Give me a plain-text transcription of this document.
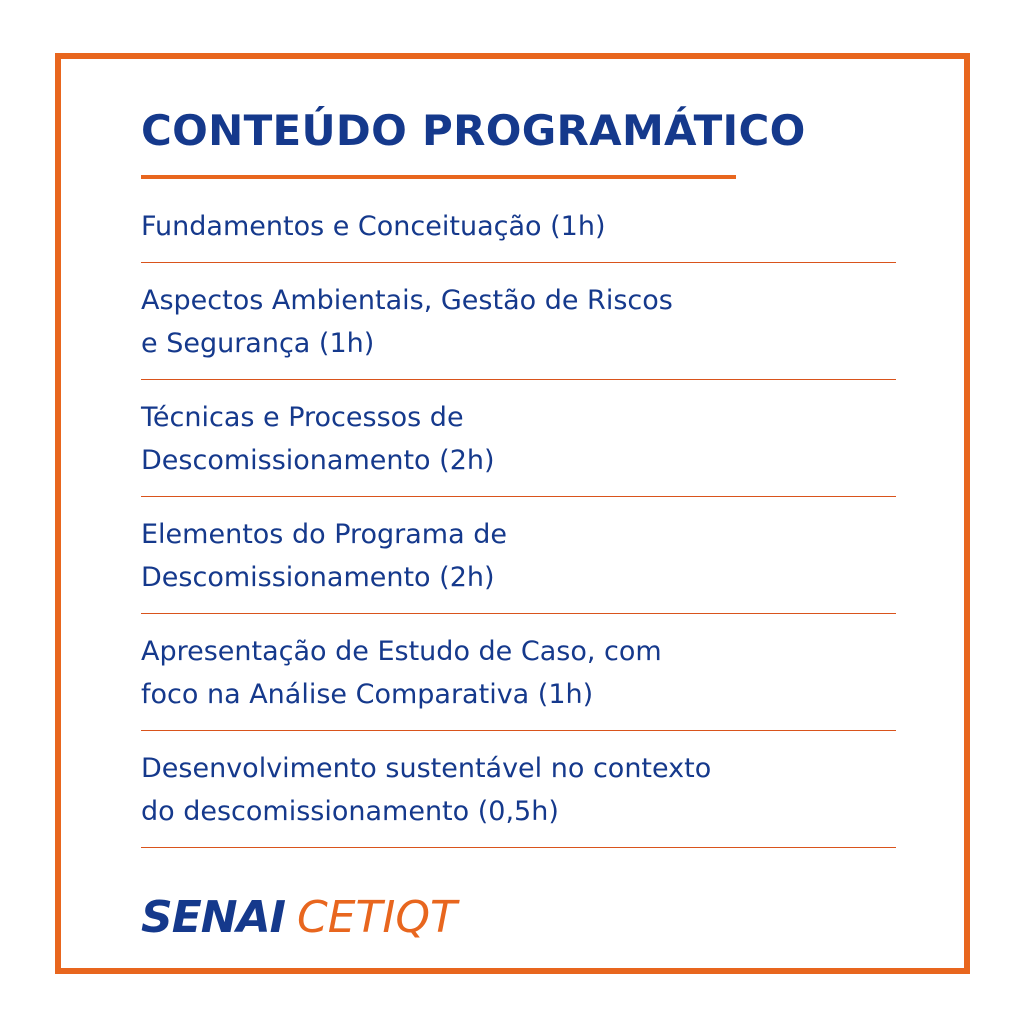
CONTEÚDO PROGRAMÁTICO
Fundamentos e Conceituação (1h)
Aspectos Ambientais, Gestão de Riscos
e Segurança (1h)
Técnicas e Processos de
Descomissionamento (2h)
Elementos do Programa de
Descomissionamento (2h)
Apresentação de Estudo de Caso, com
foco na Análise Comparativa (1h)
Desenvolvimento sustentável no contexto
do descomissionamento (0,5h)
SENAI CETIQT
